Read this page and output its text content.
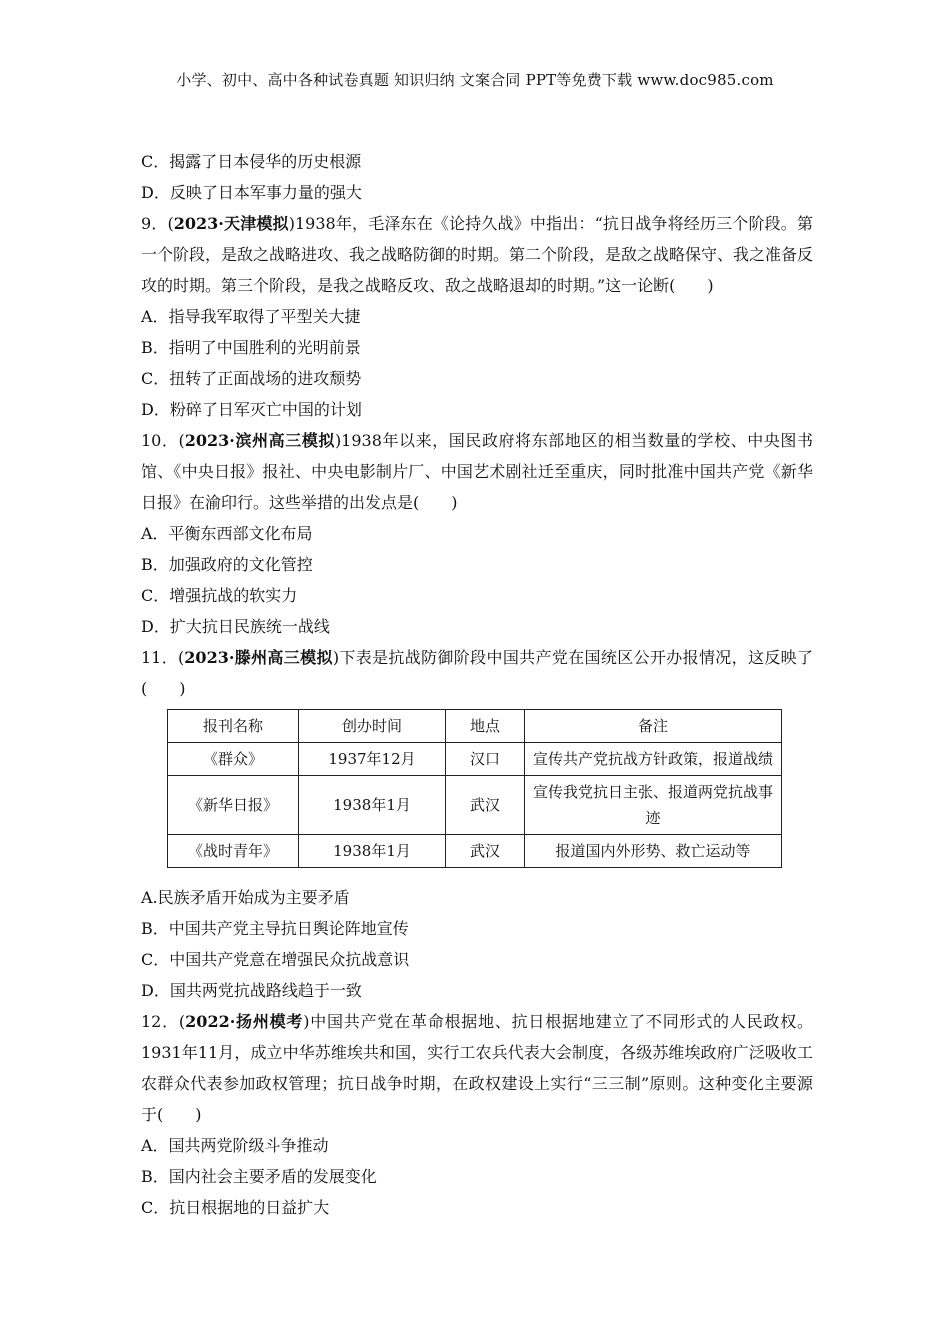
小学、初中、高中各种试卷真题 知识归纳 文案合同 PPT等免费下载 www.doc985.com
C．揭露了日本侵华的历史根源
D．反映了日本军事力量的强大
9．(2023·天津模拟)1938年，毛泽东在《论持久战》中指出：“抗日战争将经历三个阶段。第一个阶段，是敌之战略进攻、我之战略防御的时期。第二个阶段，是敌之战略保守、我之准备反攻的时期。第三个阶段，是我之战略反攻、敌之战略退却的时期。”这一论断(　　)
A．指导我军取得了平型关大捷
B．指明了中国胜利的光明前景
C．扭转了正面战场的进攻颓势
D．粉碎了日军灭亡中国的计划
10．(2023·滨州高三模拟)1938年以来，国民政府将东部地区的相当数量的学校、中央图书馆、《中央日报》报社、中央电影制片厂、中国艺术剧社迁至重庆，同时批准中国共产党《新华日报》在渝印行。这些举措的出发点是(　　)
A．平衡东西部文化布局
B．加强政府的文化管控
C．增强抗战的软实力
D．扩大抗日民族统一战线
11．(2023·滕州高三模拟)下表是抗战防御阶段中国共产党在国统区公开办报情况，这反映了(　　)
报刊名称	创办时间	地点	备注
《群众》	1937年12月	汉口	宣传共产党抗战方针政策，报道战绩
《新华日报》	1938年1月	武汉	宣传我党抗日主张、报道两党抗战事迹
《战时青年》	1938年1月	武汉	报道国内外形势、救亡运动等
A.民族矛盾开始成为主要矛盾
B．中国共产党主导抗日舆论阵地宣传
C．中国共产党意在增强民众抗战意识
D．国共两党抗战路线趋于一致
12．(2022·扬州模考)中国共产党在革命根据地、抗日根据地建立了不同形式的人民政权。1931年11月，成立中华苏维埃共和国，实行工农兵代表大会制度，各级苏维埃政府广泛吸收工农群众代表参加政权管理；抗日战争时期，在政权建设上实行“三三制”原则。这种变化主要源于(　　)
A．国共两党阶级斗争推动
B．国内社会主要矛盾的发展变化
C．抗日根据地的日益扩大
